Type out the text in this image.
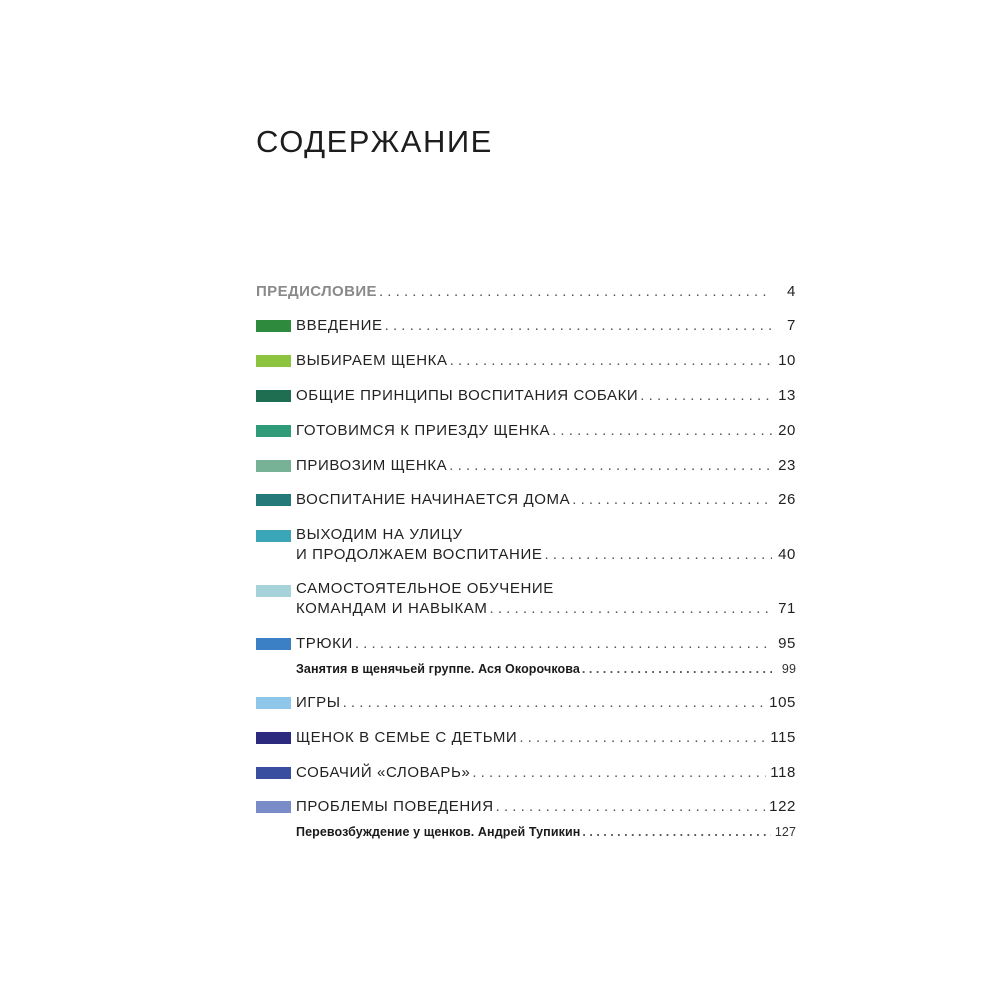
СОДЕРЖАНИЕ
ПРЕДИСЛОВИЕ . . .	4
ВВЕДЕНИЕ . . .	7
ВЫБИРАЕМ ЩЕНКА . . .	10
ОБЩИЕ ПРИНЦИПЫ ВОСПИТАНИЯ СОБАКИ . . .	13
ГОТОВИМСЯ К ПРИЕЗДУ ЩЕНКА . . .	20
ПРИВОЗИМ ЩЕНКА . . .	23
ВОСПИТАНИЕ НАЧИНАЕТСЯ ДОМА . . .	26
ВЫХОДИМ НА УЛИЦУ
И ПРОДОЛЖАЕМ ВОСПИТАНИЕ . . .	40
САМОСТОЯТЕЛЬНОЕ ОБУЧЕНИЕ
КОМАНДАМ И НАВЫКАМ . . .	71
ТРЮКИ . . .	95
Занятия в щенячьей группе. Ася Окорочкова . . .	99
ИГРЫ . . .	105
ЩЕНОК В СЕМЬЕ С ДЕТЬМИ . . .	115
СОБАЧИЙ «СЛОВАРЬ» . . .	118
ПРОБЛЕМЫ ПОВЕДЕНИЯ . . .	122
Перевозбуждение у щенков. Андрей Тупикин . . .	127
